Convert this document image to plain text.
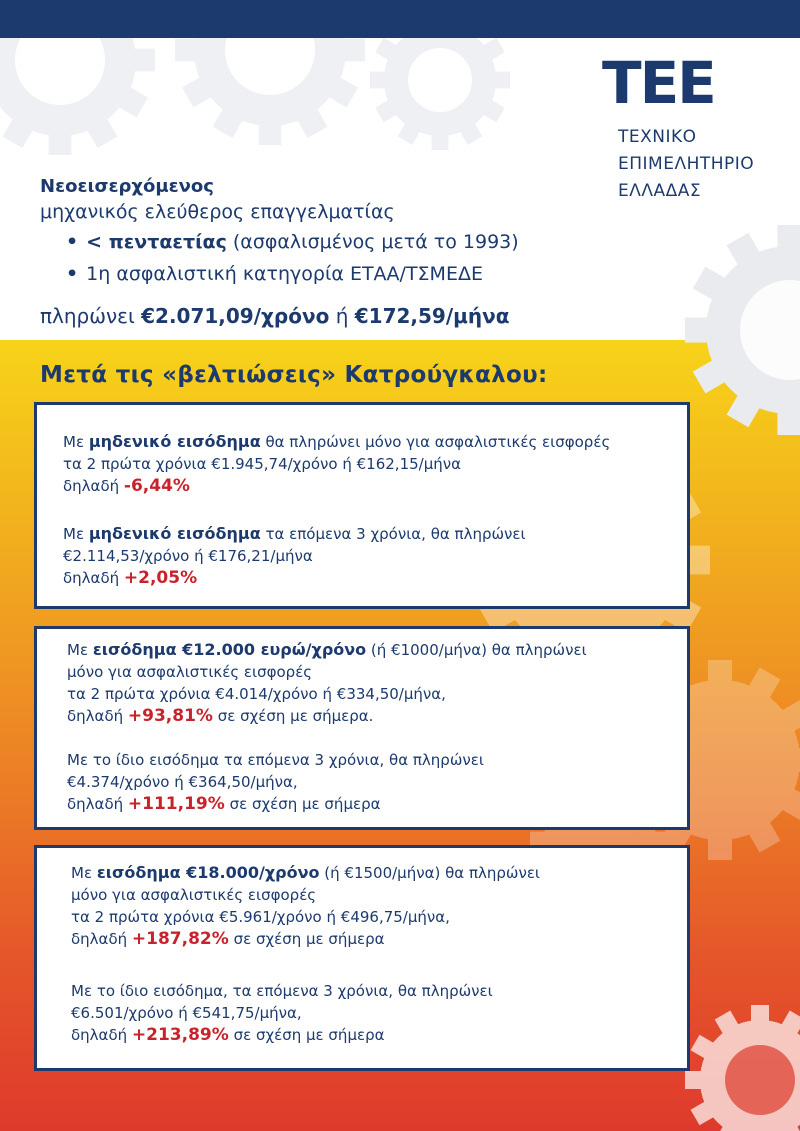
TEE
ΤΕΧΝΙΚΟ
ΕΠΙΜΕΛΗΤΗΡΙΟ
ΕΛΛΑΔΑΣ
Νεοεισερχόμενος
μηχανικός ελεύθερος επαγγελματίας
• < πενταετίας (ασφαλισμένος μετά το 1993)
• 1η ασφαλιστική κατηγορία ΕΤΑΑ/ΤΣΜΕΔΕ
πληρώνει €2.071,09/χρόνο ή €172,59/μήνα
Μετά τις «βελτιώσεις» Κατρούγκαλου:

Με μηδενικό εισόδημα θα πληρώνει μόνο για ασφαλιστικές εισφορές

τα 2 πρώτα χρόνια €1.945,74/χρόνο ή €162,15/μήνα

δηλαδή -6,44%

Με μηδενικό εισόδημα τα επόμενα 3 χρόνια, θα πληρώνει

€2.114,53/χρόνο ή €176,21/μήνα

δηλαδή +2,05%

Με εισόδημα €12.000 ευρώ/χρόνο (ή €1000/μήνα) θα πληρώνει

μόνο για ασφαλιστικές εισφορές

τα 2 πρώτα χρόνια €4.014/χρόνο ή €334,50/μήνα,

δηλαδή +93,81% σε σχέση με σήμερα.

Με το ίδιο εισόδημα τα επόμενα 3 χρόνια, θα πληρώνει

€4.374/χρόνο ή €364,50/μήνα,

δηλαδή +111,19% σε σχέση με σήμερα

Με εισόδημα €18.000/χρόνο (ή €1500/μήνα) θα πληρώνει

μόνο για ασφαλιστικές εισφορές

τα 2 πρώτα χρόνια €5.961/χρόνο ή €496,75/μήνα,

δηλαδή +187,82% σε σχέση με σήμερα

Με το ίδιο εισόδημα, τα επόμενα 3 χρόνια, θα πληρώνει

€6.501/χρόνο ή €541,75/μήνα,

δηλαδή +213,89% σε σχέση με σήμερα
